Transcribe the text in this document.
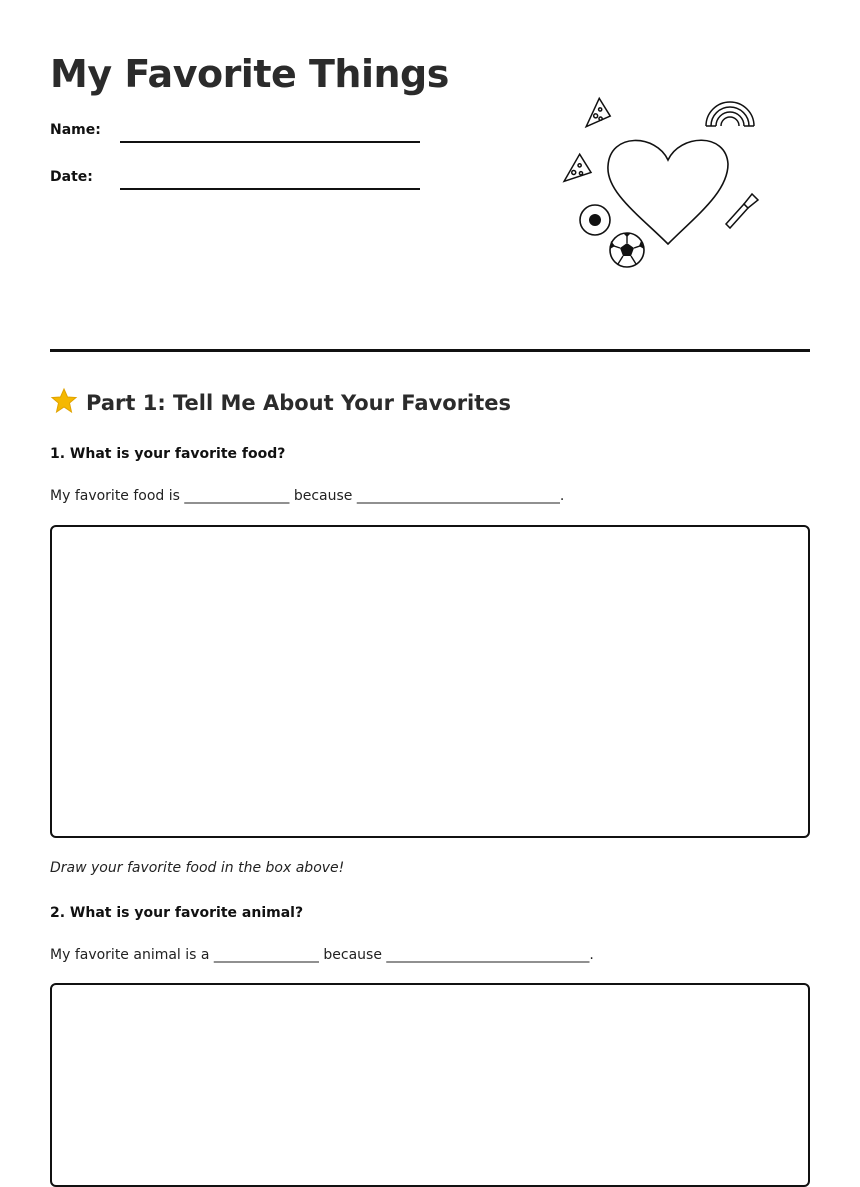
My Favorite Things
Name:
Date:
Part 1: Tell Me About Your Favorites

1. What is your favorite food?

My favorite food is _______________ because _____________________________.

Draw your favorite food in the box above!

2. What is your favorite animal?

My favorite animal is a _______________ because _____________________________.
